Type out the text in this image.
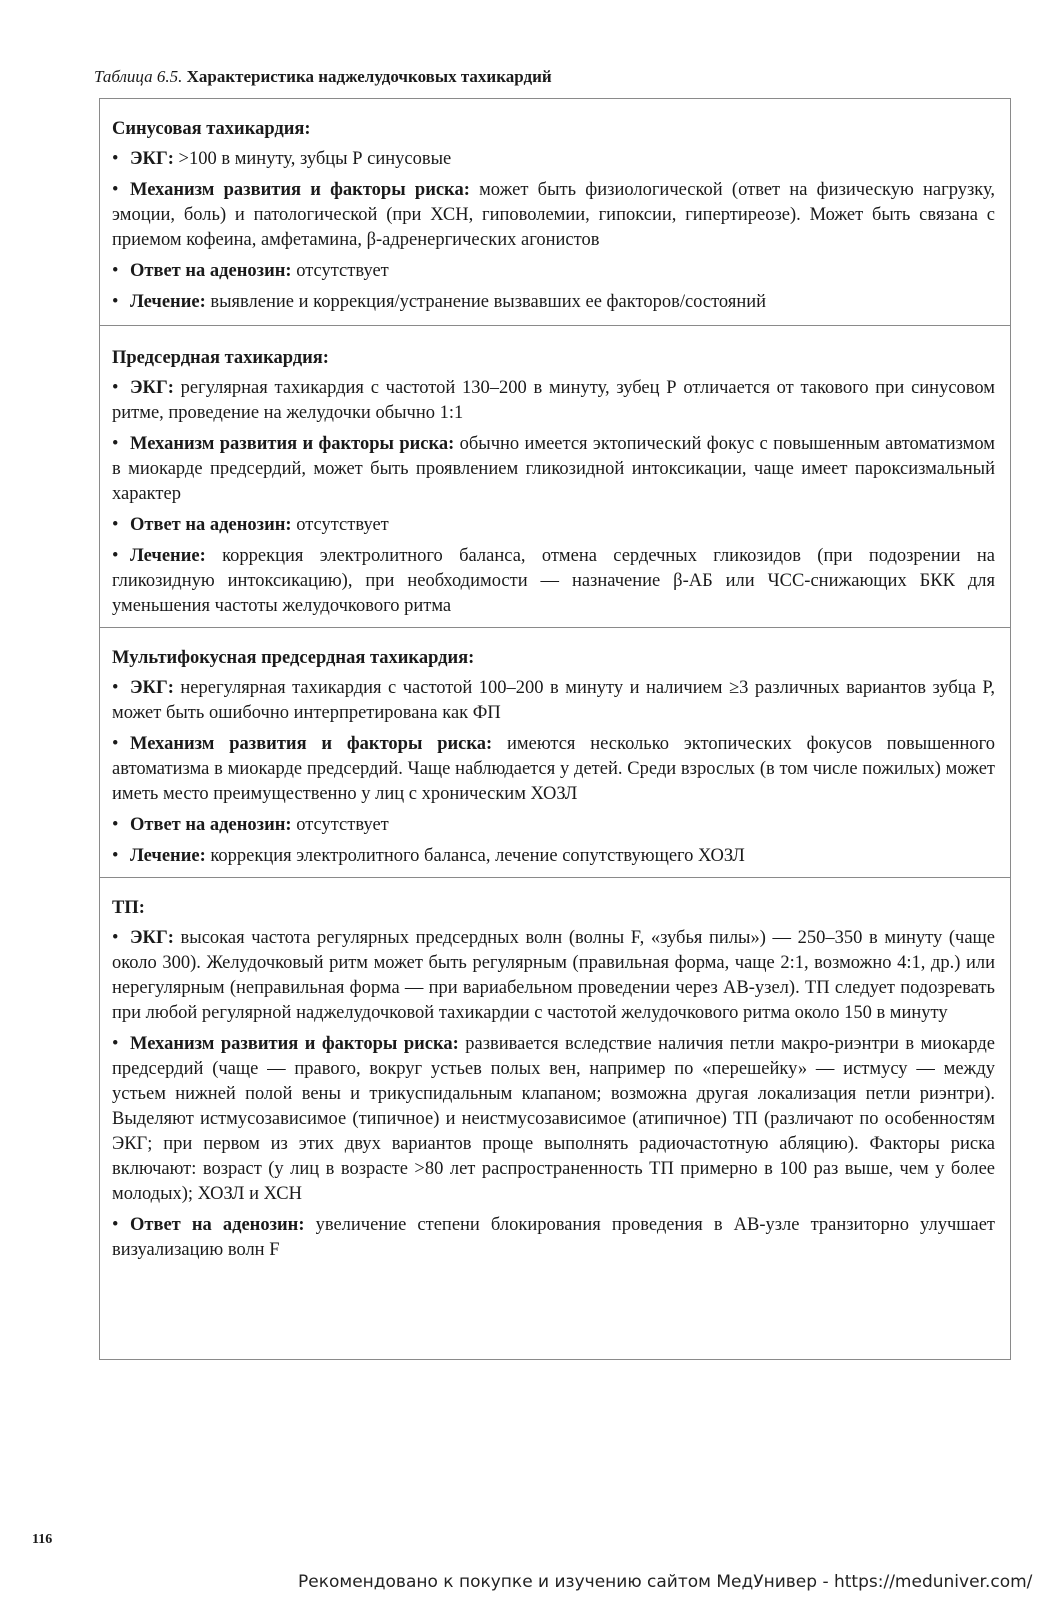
Таблица 6.5. Характеристика наджелудочковых тахикардий
Синусовая тахикардия:
• ЭКГ: >100 в минуту, зубцы Р синусовые
• Механизм развития и факторы риска: может быть физиологической (ответ на физическую нагрузку, эмоции, боль) и патологической (при ХСН, гиповолемии, гипоксии, гипертиреозе). Может быть связана с приемом кофеина, амфетамина, β-адренергических агонистов
• Ответ на аденозин: отсутствует
• Лечение: выявление и коррекция/устранение вызвавших ее факторов/состояний
Предсердная тахикардия:
• ЭКГ: регулярная тахикардия с частотой 130–200 в минуту, зубец Р отличается от такового при синусовом ритме, проведение на желудочки обычно 1:1
• Механизм развития и факторы риска: обычно имеется эктопический фокус с повышенным автоматизмом в миокарде предсердий, может быть проявлением гликозидной интоксикации, чаще имеет пароксизмальный характер
• Ответ на аденозин: отсутствует
• Лечение: коррекция электролитного баланса, отмена сердечных гликозидов (при подозрении на гликозидную интоксикацию), при необходимости — назначение β-АБ или ЧСС-снижающих БКК для уменьшения частоты желудочкового ритма
Мультифокусная предсердная тахикардия:
• ЭКГ: нерегулярная тахикардия с частотой 100–200 в минуту и наличием ≥3 различных вариантов зубца Р, может быть ошибочно интерпретирована как ФП
• Механизм развития и факторы риска: имеются несколько эктопических фокусов повышенного автоматизма в миокарде предсердий. Чаще наблюдается у детей. Среди взрослых (в том числе пожилых) может иметь место преимущественно у лиц с хроническим ХОЗЛ
• Ответ на аденозин: отсутствует
• Лечение: коррекция электролитного баланса, лечение сопутствующего ХОЗЛ
ТП:
• ЭКГ: высокая частота регулярных предсердных волн (волны F, «зубья пилы») — 250–350 в минуту (чаще около 300). Желудочковый ритм может быть регулярным (правильная форма, чаще 2:1, возможно 4:1, др.) или нерегулярным (неправильная форма — при вариабельном проведении через АВ-узел). ТП следует подозревать при любой регулярной наджелудочковой тахикардии с частотой желудочкового ритма около 150 в минуту
• Механизм развития и факторы риска: развивается вследствие наличия петли макро-риэнтри в миокарде предсердий (чаще — правого, вокруг устьев полых вен, например по «перешейку» — истмусу — между устьем нижней полой вены и трикуспидальным клапаном; возможна другая локализация петли риэнтри). Выделяют истмусозависимое (типичное) и неистмусозависимое (атипичное) ТП (различают по особенностям ЭКГ; при первом из этих двух вариантов проще выполнять радиочастотную абляцию). Факторы риска включают: возраст (у лиц в возрасте >80 лет распространенность ТП примерно в 100 раз выше, чем у более молодых); ХОЗЛ и ХСН
• Ответ на аденозин: увеличение степени блокирования проведения в АВ-узле транзиторно улучшает визуализацию волн F
116
Рекомендовано к покупке и изучению сайтом МедУнивер - https://meduniver.com/
